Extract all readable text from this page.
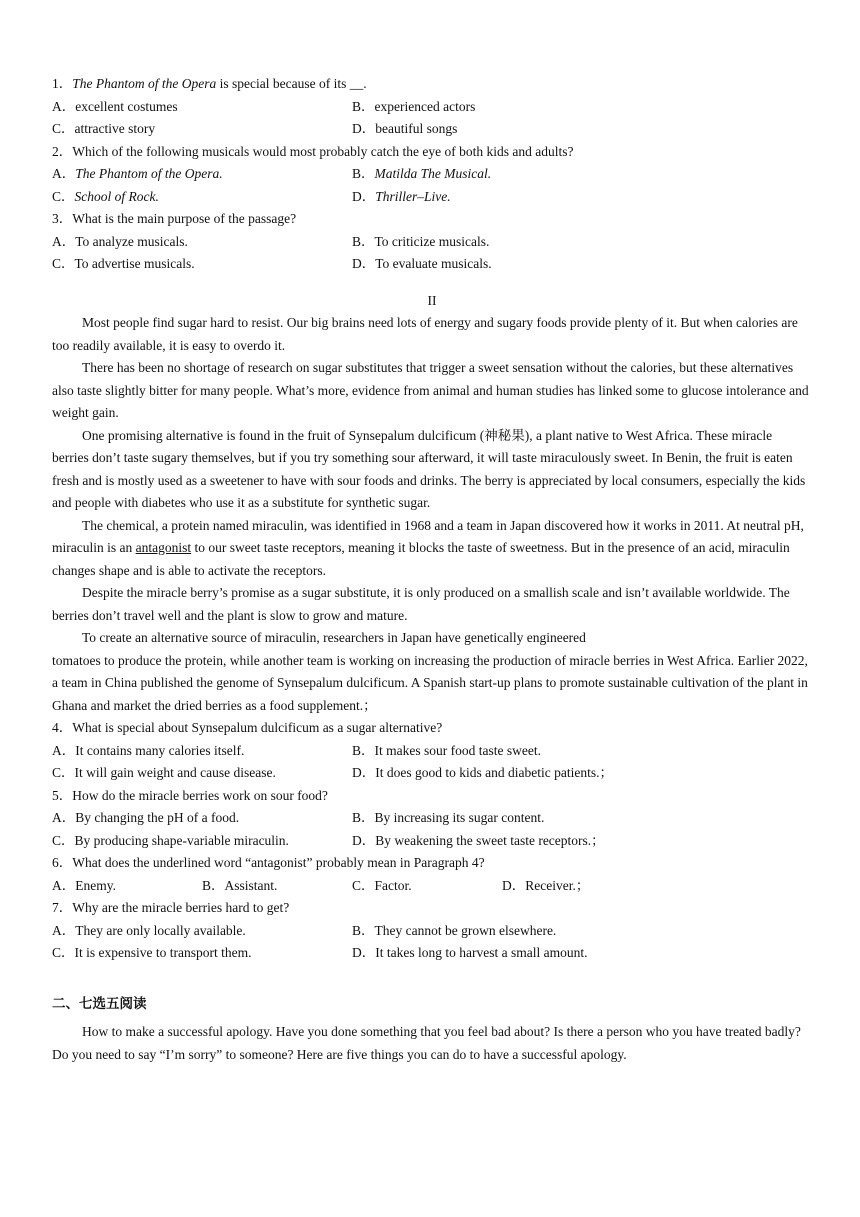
1．The Phantom of the Opera is special because of its __.

A．excellent costumes	B．experienced actors
C．attractive story	D．beautiful songs

2．Which of the following musicals would most probably catch the eye of both kids and adults?

A．The Phantom of the Opera.	B．Matilda The Musical.
C．School of Rock.	D．Thriller–Live.

3．What is the main purpose of the passage?

A．To analyze musicals.	B．To criticize musicals.
C．To advertise musicals.	D．To evaluate musicals.
II

Most people find sugar hard to resist. Our big brains need lots of energy and sugary foods provide plenty of it. But when calories are too readily available, it is easy to overdo it.

There has been no shortage of research on sugar substitutes that trigger a sweet sensation without the calories, but these alternatives also taste slightly bitter for many people. What’s more, evidence from animal and human studies has linked some to glucose intolerance and weight gain.

One promising alternative is found in the fruit of Synsepalum dulcificum (神秘果), a plant native to West Africa. These miracle berries don’t taste sugary themselves, but if you try something sour afterward, it will taste miraculously sweet. In Benin, the fruit is eaten fresh and is mostly used as a sweetener to have with sour foods and drinks. The berry is appreciated by local consumers, especially the kids and people with diabetes who use it as a substitute for synthetic sugar.

The chemical, a protein named miraculin, was identified in 1968 and a team in Japan discovered how it works in 2011. At neutral pH, miraculin is an antagonist to our sweet taste receptors, meaning it blocks the taste of sweetness. But in the presence of an acid, miraculin changes shape and is able to activate the receptors.

Despite the miracle berry’s promise as a sugar substitute, it is only produced on a smallish scale and isn’t available worldwide. The berries don’t travel well and the plant is slow to grow and mature.

To create an alternative source of miraculin, researchers in Japan have genetically engineered

tomatoes to produce the protein, while another team is working on increasing the production of miracle berries in West Africa. Earlier 2022, a team in China published the genome of Synsepalum dulcificum. A Spanish start-up plans to promote sustainable cultivation of the plant in Ghana and market the dried berries as a food supplement.；

4．What is special about Synsepalum dulcificum as a sugar alternative?

A．It contains many calories itself.	B．It makes sour food taste sweet.
C．It will gain weight and cause disease.	D．It does good to kids and diabetic patients.；

5．How do the miracle berries work on sour food?

A．By changing the pH of a food.	B．By increasing its sugar content.
C．By producing shape-variable miraculin.	D．By weakening the sweet taste receptors.；

6．What does the underlined word “antagonist” probably mean in Paragraph 4?

A．Enemy.	B．Assistant.	C．Factor.	D．Receiver.；

7．Why are the miracle berries hard to get?

A．They are only locally available.	B．They cannot be grown elsewhere.
C．It is expensive to transport them.	D．It takes long to harvest a small amount.
二、七选五阅读

How to make a successful apology. Have you done something that you feel bad about? Is there a person who you have treated badly? Do you need to say “I’m sorry” to someone? Here are five things you can do to have a successful apology.
